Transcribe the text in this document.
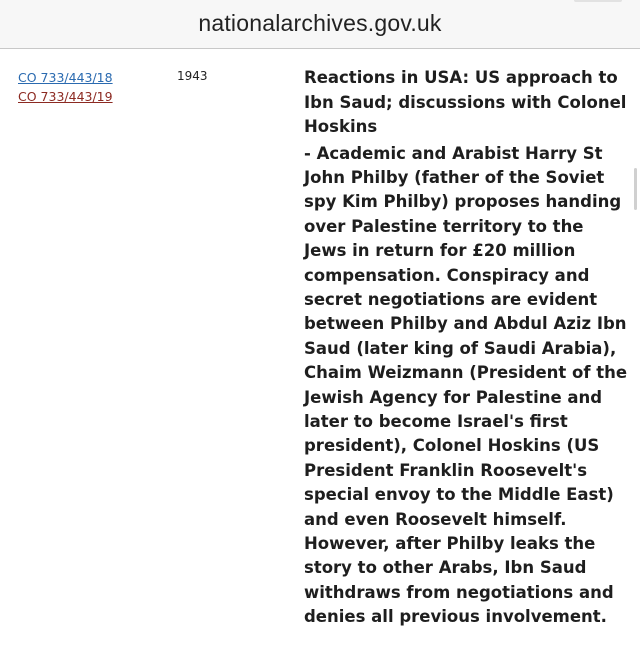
nationalarchives.gov.uk
CO 733/443/18
CO 733/443/19
1943	Reactions in USA: US approach to Ibn Saud; discussions with Colonel Hoskins

- Academic and Arabist Harry St John Philby (father of the Soviet spy Kim Philby) proposes handing over Palestine territory to the Jews in return for £20 million compensation. Conspiracy and secret negotiations are evident between Philby and Abdul Aziz Ibn Saud (later king of Saudi Arabia), Chaim Weizmann (President of the Jewish Agency for Palestine and later to become Israel's first president), Colonel Hoskins (US President Franklin Roosevelt's special envoy to the Middle East) and even Roosevelt himself. However, after Philby leaks the story to other Arabs, Ibn Saud withdraws from negotiations and denies all previous involvement.
